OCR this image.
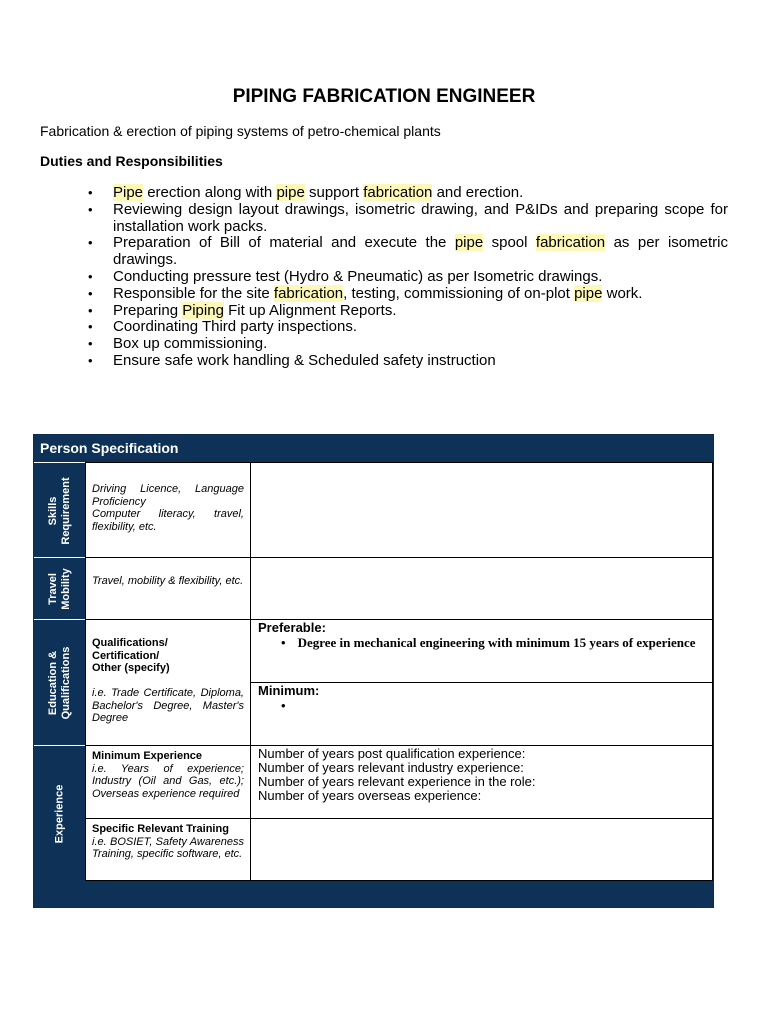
PIPING FABRICATION ENGINEER
Fabrication & erection of piping systems of petro-chemical plants
Duties and Responsibilities
• Pipe erection along with pipe support fabrication and erection.
• Reviewing design layout drawings, isometric drawing, and P&IDs and preparing scope for installation work packs.
• Preparation of Bill of material and execute the pipe spool fabrication as per isometric drawings.
• Conducting pressure test (Hydro & Pneumatic) as per Isometric drawings.
• Responsible for the site fabrication, testing, commissioning of on-plot pipe work.
• Preparing Piping Fit up Alignment Reports.
• Coordinating Third party inspections.
• Box up commissioning.
• Ensure safe work handling & Scheduled safety instruction
Person Specification
Skills Requirement Driving Licence, Language Proficiency
Computer literacy, travel, flexibility, etc.
Travel Mobility Travel, mobility & flexibility, etc.
Education & Qualifications
Qualifications/
Certification/
Other (specify)
i.e. Trade Certificate, Diploma, Bachelor's Degree, Master's Degree
Preferable:
• Degree in mechanical engineering with minimum 15 years of experience
Minimum:
•
Experience
Minimum Experience
i.e. Years of experience; Industry (Oil and Gas, etc.); Overseas experience required
Number of years post qualification experience:
Number of years relevant industry experience:
Number of years relevant experience in the role:
Number of years overseas experience:
Specific Relevant Training
i.e. BOSIET, Safety Awareness Training, specific software, etc.
